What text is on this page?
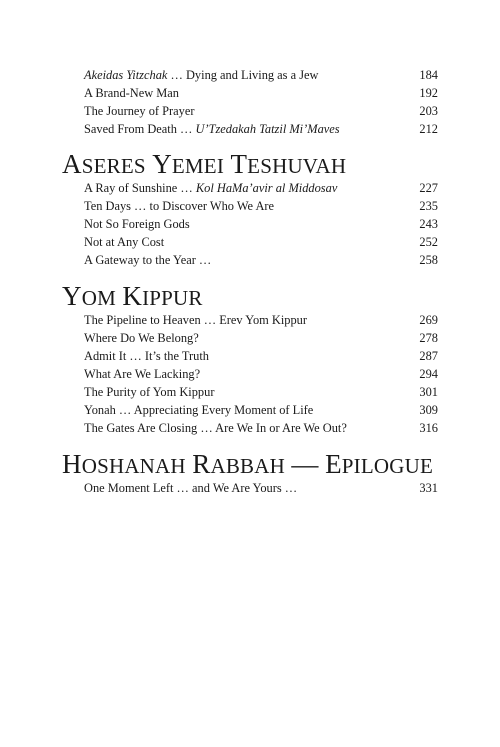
Akeidas Yitzchak … Dying and Living as a Jew	184
A Brand-New Man	192
The Journey of Prayer	203
Saved From Death … U’Tzedakah Tatzil Mi’Maves	212
ASERES YEMEI TESHUVAH
A Ray of Sunshine … Kol HaMa’avir al Middosav	227
Ten Days … to Discover Who We Are	235
Not So Foreign Gods	243
Not at Any Cost	252
A Gateway to the Year …	258
YOM KIPPUR
The Pipeline to Heaven … Erev Yom Kippur	269
Where Do We Belong?	278
Admit It … It’s the Truth	287
What Are We Lacking?	294
The Purity of Yom Kippur	301
Yonah … Appreciating Every Moment of Life	309
The Gates Are Closing … Are We In or Are We Out?	316
HOSHANAH RABBAH — EPILOGUE
One Moment Left … and We Are Yours …	331
